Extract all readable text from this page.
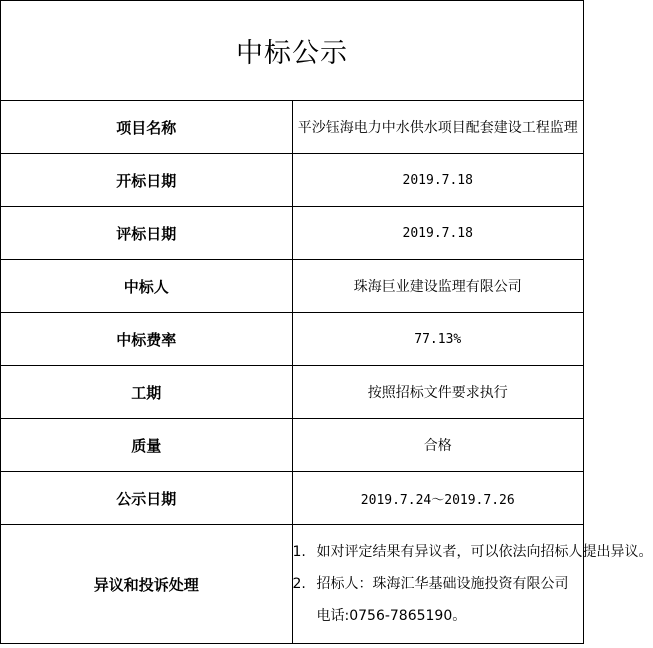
中标公示	
项目名称	平沙钰海电力中水供水项目配套建设工程监理
开标日期	2019.7.18
评标日期	2019.7.18
中标人	珠海巨业建设监理有限公司
中标费率	77.13%
工期	按照招标文件要求执行
质量	合格
公示日期	2019.7.24～2019.7.26
异议和投诉处理	1. 如对评定结果有异议者，可以依法向招标人提出异议。
2. 招标人：珠海汇华基础设施投资有限公司
电话:0756-7865190。
